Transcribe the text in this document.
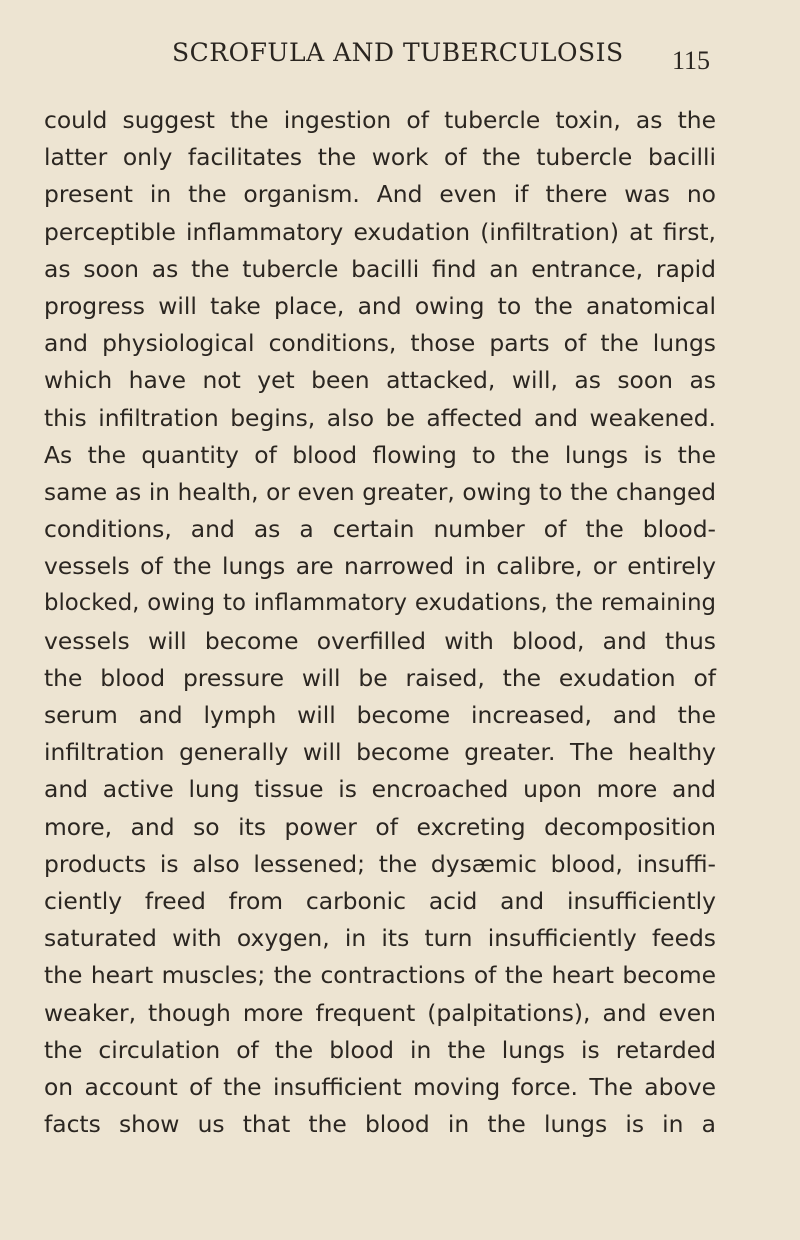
SCROFULA AND TUBERCULOSIS 115
could suggest the ingestion of tubercle toxin, as the
latter only facilitates the work of the tubercle bacilli
present in the organism. And even if there was no
perceptible inflammatory exudation (infiltration) at first,
as soon as the tubercle bacilli find an entrance, rapid
progress will take place, and owing to the anatomical
and physiological conditions, those parts of the lungs
which have not yet been attacked, will, as soon as
this infiltration begins, also be affected and weakened.
As the quantity of blood flowing to the lungs is the
same as in health, or even greater, owing to the changed
conditions, and as a certain number of the blood-
vessels of the lungs are narrowed in calibre, or entirely
blocked, owing to inflammatory exudations, the remaining
vessels will become overfilled with blood, and thus
the blood pressure will be raised, the exudation of
serum and lymph will become increased, and the
infiltration generally will become greater. The healthy
and active lung tissue is encroached upon more and
more, and so its power of excreting decomposition
products is also lessened; the dysæmic blood, insuffi-
ciently freed from carbonic acid and insufficiently
saturated with oxygen, in its turn insufficiently feeds
the heart muscles; the contractions of the heart become
weaker, though more frequent (palpitations), and even
the circulation of the blood in the lungs is retarded
on account of the insufficient moving force. The above
facts show us that the blood in the lungs is in a
